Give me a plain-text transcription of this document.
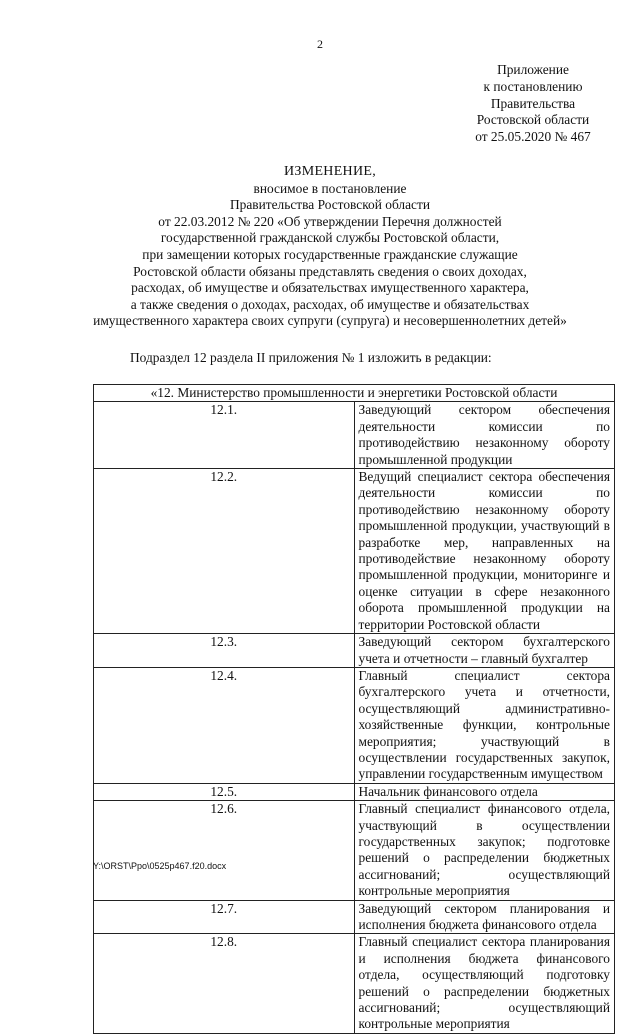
2
Приложение
к постановлению
Правительства
Ростовской области
от 25.05.2020 № 467
ИЗМЕНЕНИЕ,
вносимое в постановление
Правительства Ростовской области
от 22.03.2012 № 220 «Об утверждении Перечня должностей
государственной гражданской службы Ростовской области,
при замещении которых государственные гражданские служащие
Ростовской области обязаны представлять сведения о своих доходах,
расходах, об имуществе и обязательствах имущественного характера,
а также сведения о доходах, расходах, об имуществе и обязательствах
имущественного характера своих супруги (супруга) и несовершеннолетних детей»
Подраздел 12 раздела II приложения № 1 изложить в редакции:
«12. Министерство промышленности и энергетики Ростовской области	
12.1.	Заведующий сектором обеспечения деятельности комиссии по противодействию незаконному обороту промышленной продукции
12.2.	Ведущий специалист сектора обеспечения деятельности комиссии по противодействию незаконному обороту промышленной продукции, участвующий в разработке мер, направленных на противодействие незаконному обороту промышленной продукции, мониторинге и оценке ситуации в сфере незаконного оборота промышленной продукции на территории Ростовской области
12.3.	Заведующий сектором бухгалтерского учета и отчетности – главный бухгалтер
12.4.	Главный специалист сектора бухгалтерского учета и отчетности, осуществляющий административно-хозяйственные функции, контрольные мероприятия; участвующий в осуществлении государственных закупок, управлении государственным имуществом
12.5.	Начальник финансового отдела
12.6.	Главный специалист финансового отдела, участвующий в осуществлении государственных закупок; подготовке решений о распределении бюджетных ассигнований; осуществляющий контрольные мероприятия
12.7.	Заведующий сектором планирования и исполнения бюджета финансового отдела
12.8.	Главный специалист сектора планирования и исполнения бюджета финансового отдела, осуществляющий подготовку решений о распределении бюджетных ассигнований; осуществляющий контрольные мероприятия
Y:\ORST\Ppo\0525p467.f20.docx
